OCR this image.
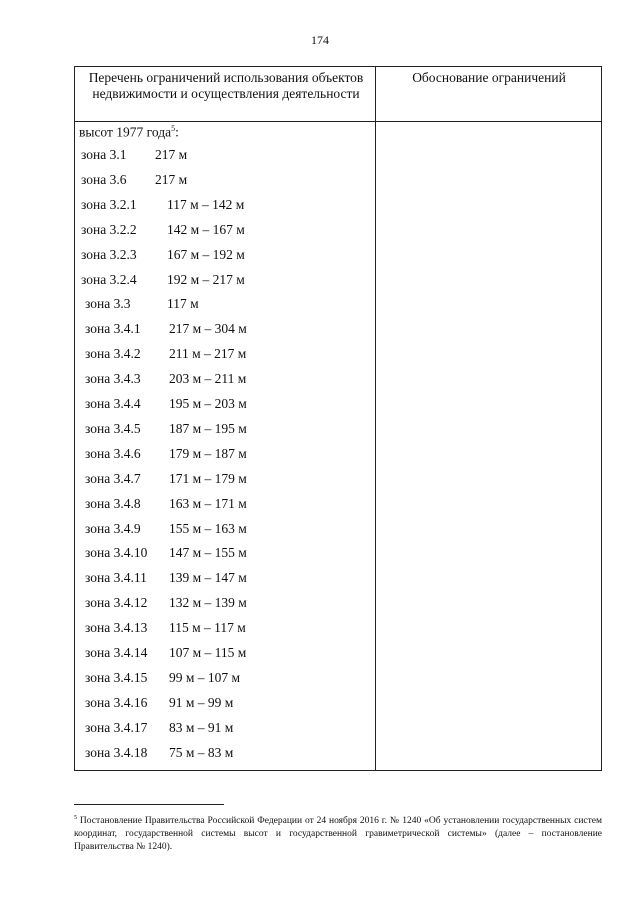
174
Перечень ограничений использования объектов недвижимости и осуществления деятельности
Обоснование ограничений
высот 1977 года$^5$:
зона 3.1 217 м
зона 3.6 217 м
зона 3.2.1 117 м – 142 м
зона 3.2.2 142 м – 167 м
зона 3.2.3 167 м – 192 м
зона 3.2.4 192 м – 217 м
зона 3.3	117 м
зона 3.4.1 217 м – 304 м
зона 3.4.2 211 м – 217 м
зона 3.4.3 203 м – 211 м
зона 3.4.4 195 м – 203 м
зона 3.4.5 187 м – 195 м
зона 3.4.6 179 м – 187 м
зона 3.4.7 171 м – 179 м
зона 3.4.8 163 м – 171 м
зона 3.4.9 155 м – 163 м
зона 3.4.10 147 м – 155 м
зона 3.4.11 139 м – 147 м
зона 3.4.12 132 м – 139 м
зона 3.4.13 115 м – 117 м
зона 3.4.14 107 м – 115 м
зона 3.4.15 99 м – 107 м
зона 3.4.16 91 м – 99 м
зона 3.4.17 83 м – 91 м
зона 3.4.18 75 м – 83 м
$^5$ Постановление Правительства Российской Федерации от 24 ноября 2016 г. № 1240 «Об установлении государственных систем координат, государственной системы высот и государственной гравиметрической системы» (далее – постановление Правительства № 1240).
